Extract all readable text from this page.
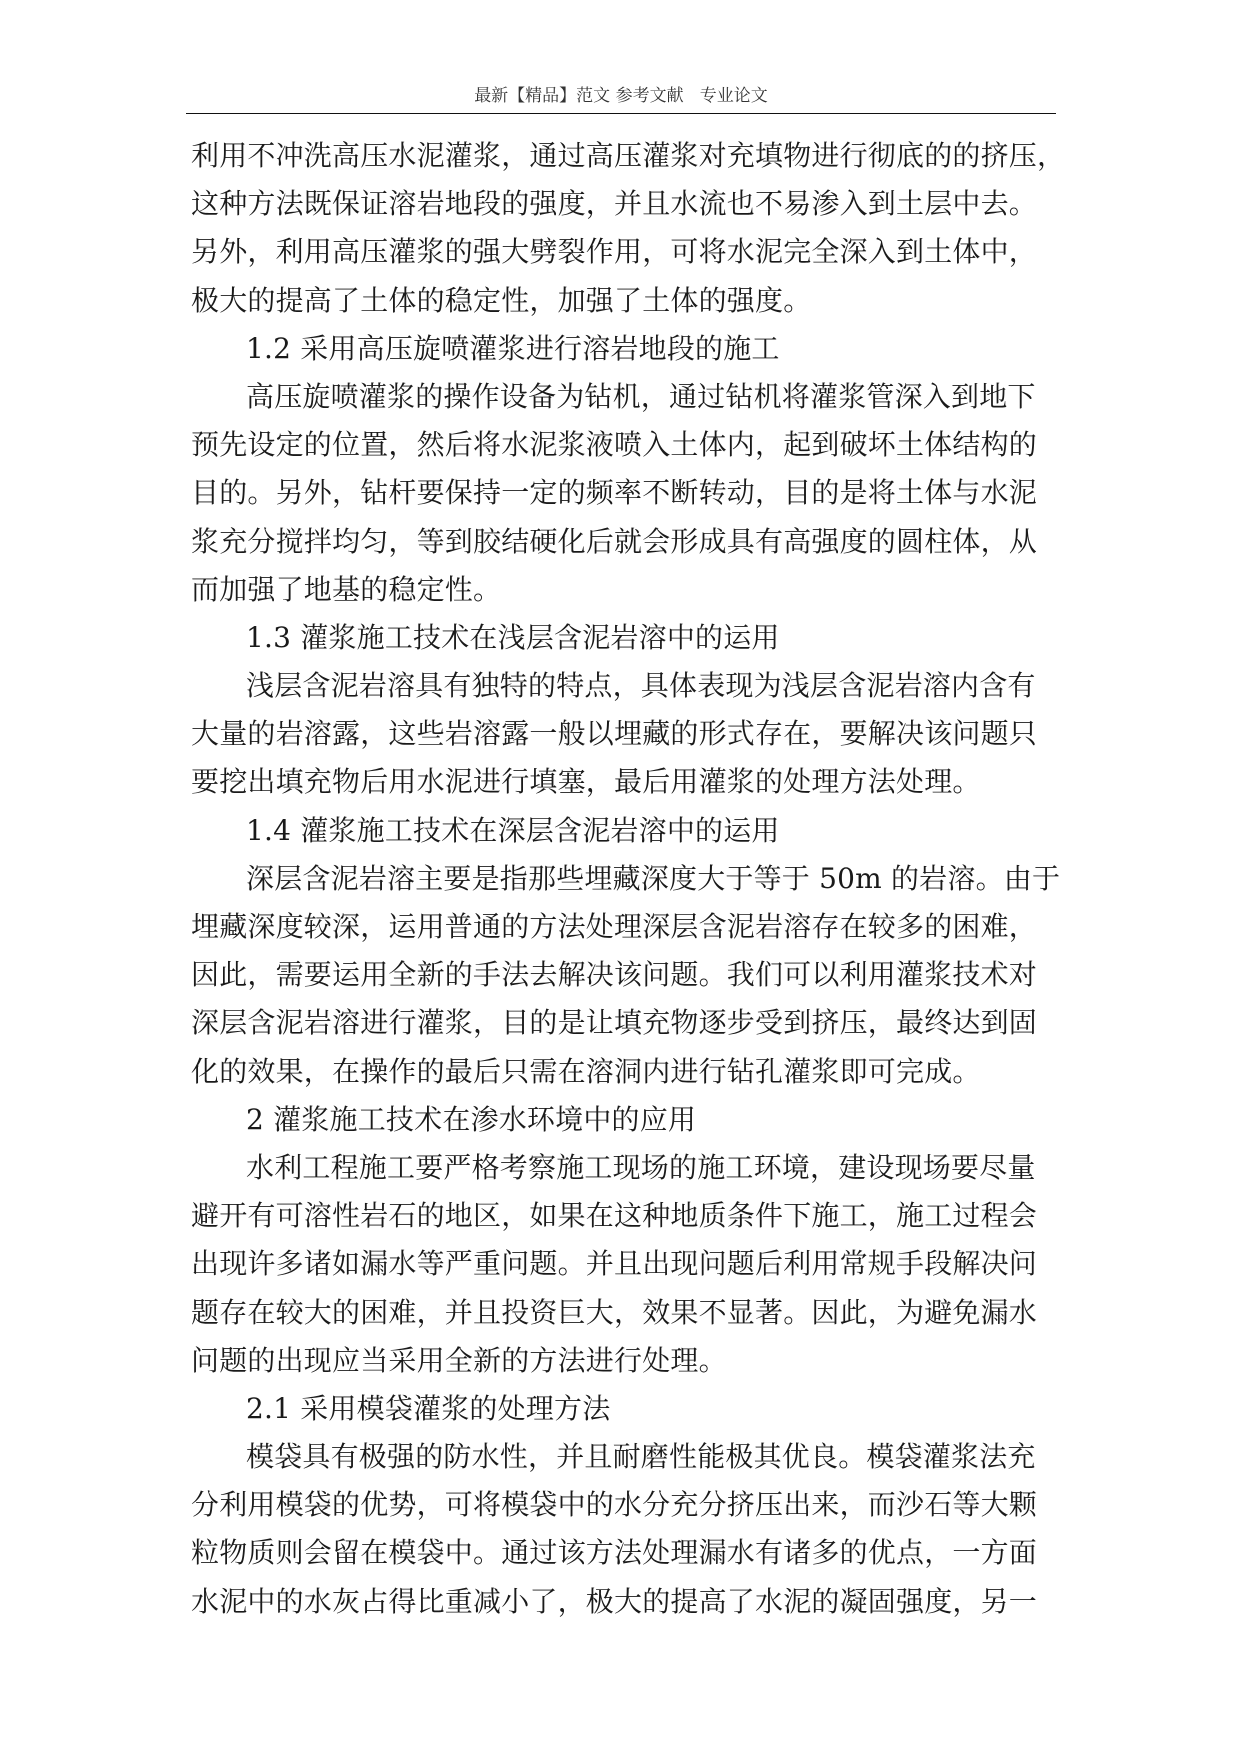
最新【精品】范文 参考文献   专业论文
利用不冲洗高压水泥灌浆，通过高压灌浆对充填物进行彻底的的挤压，
这种方法既保证溶岩地段的强度，并且水流也不易渗入到土层中去。
另外，利用高压灌浆的强大劈裂作用，可将水泥完全深入到土体中，
极大的提高了土体的稳定性，加强了土体的强度。
1.2 采用高压旋喷灌浆进行溶岩地段的施工
高压旋喷灌浆的操作设备为钻机，通过钻机将灌浆管深入到地下
预先设定的位置，然后将水泥浆液喷入土体内，起到破坏土体结构的
目的。另外，钻杆要保持一定的频率不断转动，目的是将土体与水泥
浆充分搅拌均匀，等到胶结硬化后就会形成具有高强度的圆柱体，从
而加强了地基的稳定性。
1.3 灌浆施工技术在浅层含泥岩溶中的运用
浅层含泥岩溶具有独特的特点，具体表现为浅层含泥岩溶内含有
大量的岩溶露，这些岩溶露一般以埋藏的形式存在，要解决该问题只
要挖出填充物后用水泥进行填塞，最后用灌浆的处理方法处理。
1.4 灌浆施工技术在深层含泥岩溶中的运用
深层含泥岩溶主要是指那些埋藏深度大于等于 50m 的岩溶。由于
埋藏深度较深，运用普通的方法处理深层含泥岩溶存在较多的困难，
因此，需要运用全新的手法去解决该问题。我们可以利用灌浆技术对
深层含泥岩溶进行灌浆，目的是让填充物逐步受到挤压，最终达到固
化的效果，在操作的最后只需在溶洞内进行钻孔灌浆即可完成。
2 灌浆施工技术在渗水环境中的应用
水利工程施工要严格考察施工现场的施工环境，建设现场要尽量
避开有可溶性岩石的地区，如果在这种地质条件下施工，施工过程会
出现许多诸如漏水等严重问题。并且出现问题后利用常规手段解决问
题存在较大的困难，并且投资巨大，效果不显著。因此，为避免漏水
问题的出现应当采用全新的方法进行处理。
2.1 采用模袋灌浆的处理方法
模袋具有极强的防水性，并且耐磨性能极其优良。模袋灌浆法充
分利用模袋的优势，可将模袋中的水分充分挤压出来，而沙石等大颗
粒物质则会留在模袋中。通过该方法处理漏水有诸多的优点，一方面
水泥中的水灰占得比重减小了，极大的提高了水泥的凝固强度，另一
